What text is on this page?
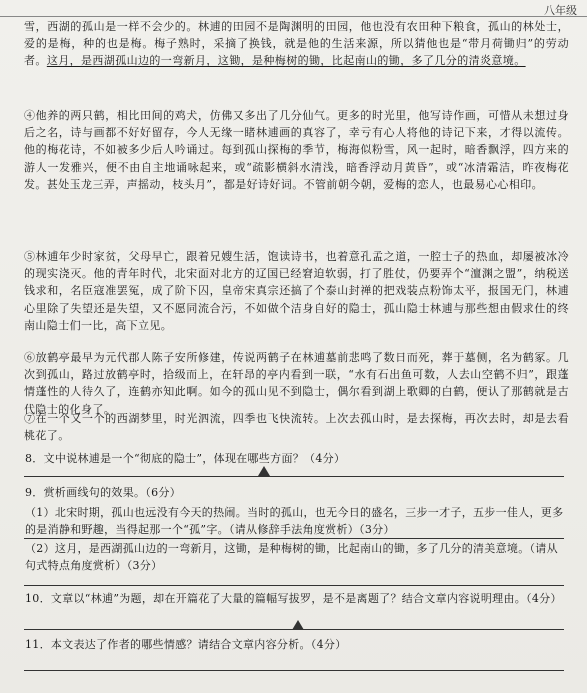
八年级
雪，西湖的孤山是一样不会少的。林逋的田园不是陶渊明的田园，他也没有农田种下粮食，孤山的林处士，爱的是梅，种的也是梅。梅子熟时，采摘了换钱，就是他的生活来源，所以猜他也是“带月荷锄归”的劳动者。这月，是西湖孤山边的一弯新月，这锄，是种梅树的锄，比起南山的锄，多了几分的清炎意境。
④他养的两只鹤，相比田间的鸡犬，仿佛又多出了几分仙气。更多的时光里，他写诗作画，可惜从未想过身后之名，诗与画都不好好留存，今人无缘一睹林逋画的真容了，幸亏有心人将他的诗记下来，才得以流传。他的梅花诗，不如被多少后人吟诵过。每到孤山探梅的季节，梅海似粉雪，风一起时，暗香飘浮，四方来的游人一发雅兴，便不由自主地诵咏起来，或“疏影横斜水清浅，暗香浮动月黄昏”，或“冰清霜洁，昨夜梅花发。甚处玉龙三弄，声摇动，枝头月”，都是好诗好词。不管前朝今朝，爱梅的恋人，也最易心心相印。
⑤林逋年少时家贫，父母早亡，跟着兄嫂生活，饱读诗书，也着意孔孟之道，一腔士子的热血，却屡被冰冷的现实浇灭。他的青年时代，北宋面对北方的辽国已经窘迫软弱，打了胜仗，仍要弄个“澶渊之盟”，纳税送钱求和，名臣寇准罢冤，成了阶下囚，皇帝宋真宗还搞了个泰山封禅的把戏装点粉饰太平，报国无门，林逋心里除了失望还是失望，又不愿同流合污，不如做个洁身自好的隐士，孤山隐士林逋与那些想由假求仕的终南山隐士们一比，高下立见。
⑥放鹤亭最早为元代郡人陈子安所修建，传说两鹤子在林逋墓前悲鸣了数日而死，葬于墓侧，名为鹤冢。几次到孤山，路过放鹤亭时，拾级而上，在轩昂的亭内看到一联，“水有石出鱼可数，人去山空鹤不归”，跟蓬情蓬性的人待久了，连鹤亦知此啊。如今的孤山见不到隐士，偶尔看到湖上歌卿的白鹤，便认了那鹤就是古代隐士的化身了。
⑦在一个又一个的西湖梦里，时光泗流，四季也飞快流转。上次去孤山时，是去探梅，再次去时，却是去看桃花了。
8．文中说林逋是一个“彻底的隐士”，体现在哪些方面？（4分）
9．赏析画线句的效果。（6分）
（1）北宋时期，孤山也远没有今天的热闹。当时的孤山，也无今日的盛名，三步一才子，五步一佳人，更多的是消静和野趣，当得起那一个“孤”字。（请从修辞手法角度赏析）（3分）
（2）这月，是西湖孤山边的一弯新月，这锄，是种梅树的锄，比起南山的锄，多了几分的清美意境。（请从句式特点角度赏析）（3分）
10．文章以“林逋”为题，却在开篇花了大量的篇幅写拔罗，是不是离题了？结合文章内容说明理由。（4分）
11．本文表达了作者的哪些情感？请结合文章内容分析。（4分）
